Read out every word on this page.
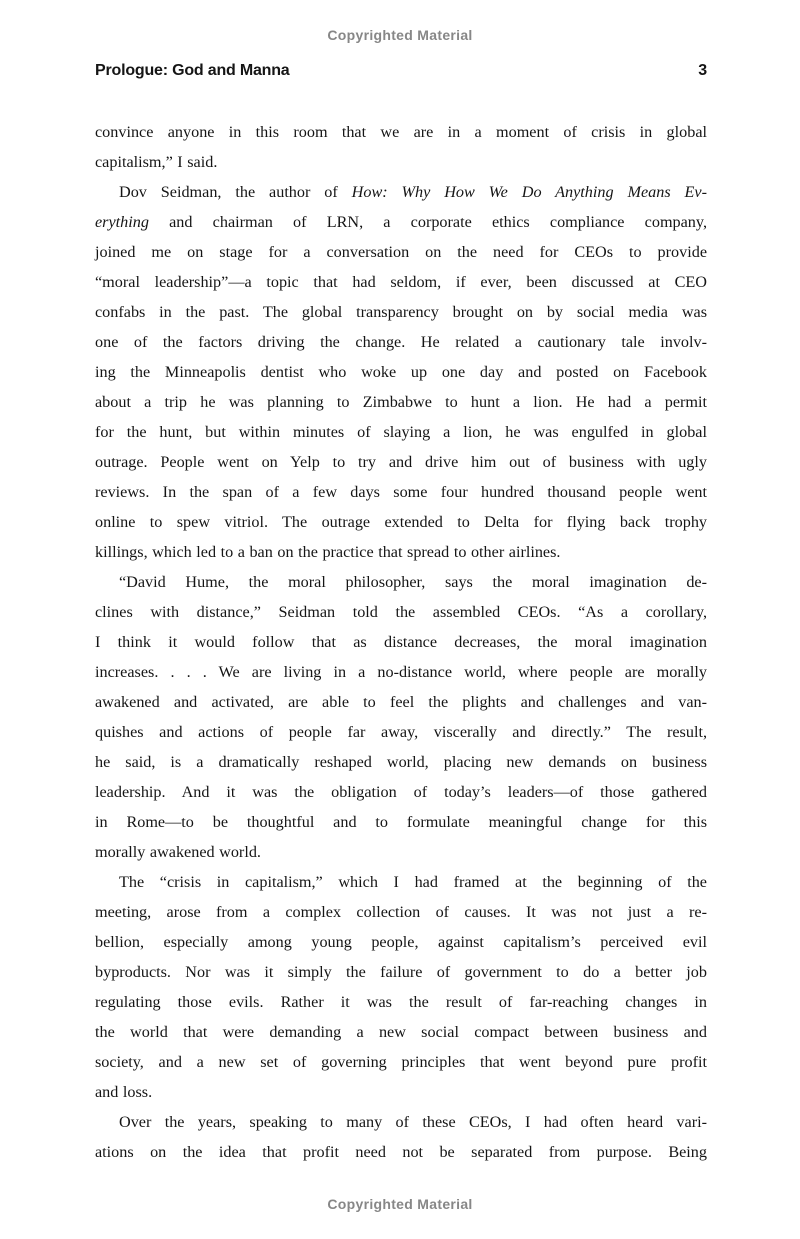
Copyrighted Material
Prologue: God and Manna	3
convince anyone in this room that we are in a moment of crisis in global
capitalism,” I said.
Dov Seidman, the author of How: Why How We Do Anything Means Ev-
erything and chairman of LRN, a corporate ethics compliance company,
joined me on stage for a conversation on the need for CEOs to provide
“moral leadership”—a topic that had seldom, if ever, been discussed at CEO
confabs in the past. The global transparency brought on by social media was
one of the factors driving the change. He related a cautionary tale involv-
ing the Minneapolis dentist who woke up one day and posted on Facebook
about a trip he was planning to Zimbabwe to hunt a lion. He had a permit
for the hunt, but within minutes of slaying a lion, he was engulfed in global
outrage. People went on Yelp to try and drive him out of business with ugly
reviews. In the span of a few days some four hundred thousand people went
online to spew vitriol. The outrage extended to Delta for flying back trophy
killings, which led to a ban on the practice that spread to other airlines.
“David Hume, the moral philosopher, says the moral imagination de-
clines with distance,” Seidman told the assembled CEOs. “As a corollary,
I think it would follow that as distance decreases, the moral imagination
increases. . . . We are living in a no-distance world, where people are morally
awakened and activated, are able to feel the plights and challenges and van-
quishes and actions of people far away, viscerally and directly.” The result,
he said, is a dramatically reshaped world, placing new demands on business
leadership. And it was the obligation of today’s leaders—of those gathered
in Rome—to be thoughtful and to formulate meaningful change for this
morally awakened world.
The “crisis in capitalism,” which I had framed at the beginning of the
meeting, arose from a complex collection of causes. It was not just a re-
bellion, especially among young people, against capitalism’s perceived evil
byproducts. Nor was it simply the failure of government to do a better job
regulating those evils. Rather it was the result of far-reaching changes in
the world that were demanding a new social compact between business and
society, and a new set of governing principles that went beyond pure profit
and loss.
Over the years, speaking to many of these CEOs, I had often heard vari-
ations on the idea that profit need not be separated from purpose. Being
Copyrighted Material
